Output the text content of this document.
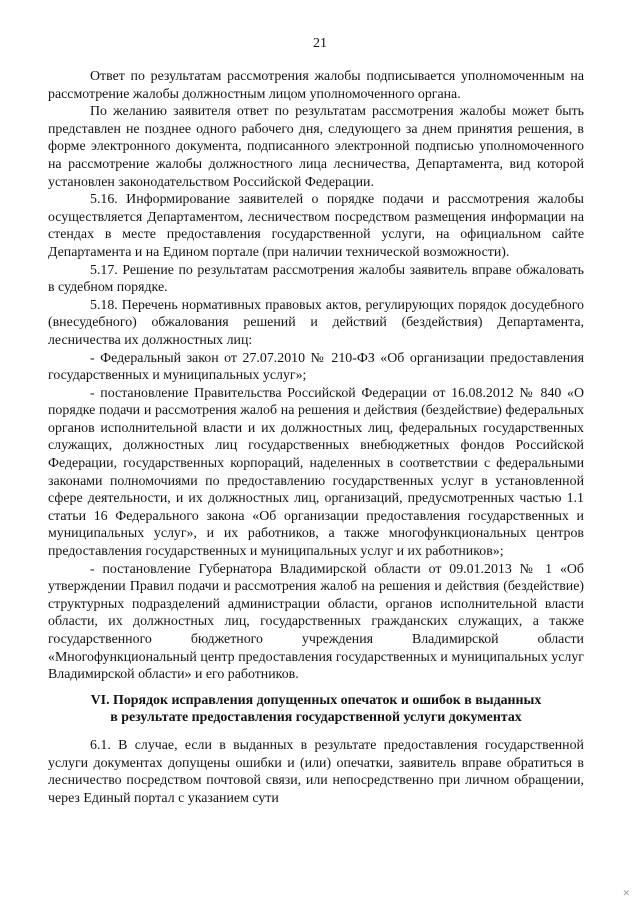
21

Ответ по результатам рассмотрения жалобы подписывается уполномоченным на рассмотрение жалобы должностным лицом уполномоченного органа.

По желанию заявителя ответ по результатам рассмотрения жалобы может быть представлен не позднее одного рабочего дня, следующего за днем принятия решения, в форме электронного документа, подписанного электронной подписью уполномоченного на рассмотрение жалобы должностного лица лесничества, Департамента, вид которой установлен законодательством Российской Федерации.

5.16. Информирование заявителей о порядке подачи и рассмотрения жалобы осуществляется Департаментом, лесничеством посредством размещения информации на стендах в месте предоставления государственной услуги, на официальном сайте Департамента и на Едином портале (при наличии технической возможности).

5.17. Решение по результатам рассмотрения жалобы заявитель вправе обжаловать в судебном порядке.

5.18. Перечень нормативных правовых актов, регулирующих порядок досудебного (внесудебного) обжалования решений и действий (бездействия) Департамента, лесничества их должностных лиц:

- Федеральный закон от 27.07.2010 № 210-ФЗ «Об организации предоставления государственных и муниципальных услуг»;

- постановление Правительства Российской Федерации от 16.08.2012 № 840 «О порядке подачи и рассмотрения жалоб на решения и действия (бездействие) федеральных органов исполнительной власти и их должностных лиц, федеральных государственных служащих, должностных лиц государственных внебюджетных фондов Российской Федерации, государственных корпораций, наделенных в соответствии с федеральными законами полномочиями по предоставлению государственных услуг в установленной сфере деятельности, и их должностных лиц, организаций, предусмотренных частью 1.1 статьи 16 Федерального закона «Об организации предоставления государственных и муниципальных услуг», и их работников, а также многофункциональных центров предоставления государственных и муниципальных услуг и их работников»;

- постановление Губернатора Владимирской области от 09.01.2013 № 1 «Об утверждении Правил подачи и рассмотрения жалоб на решения и действия (бездействие) структурных подразделений администрации области, органов исполнительной власти области, их должностных лиц, государственных гражданских служащих, а также государственного бюджетного учреждения Владимирской области «Многофункциональный центр предоставления государственных и муниципальных услуг Владимирской области» и его работников.

VI. Порядок исправления допущенных опечаток и ошибок в выданных
в результате предоставления государственной услуги документах

6.1. В случае, если в выданных в результате предоставления государственной услуги документах допущены ошибки и (или) опечатки, заявитель вправе обратиться в лесничество посредством почтовой связи, или непосредственно при личном обращении, через Единый портал с указанием сути

✕
